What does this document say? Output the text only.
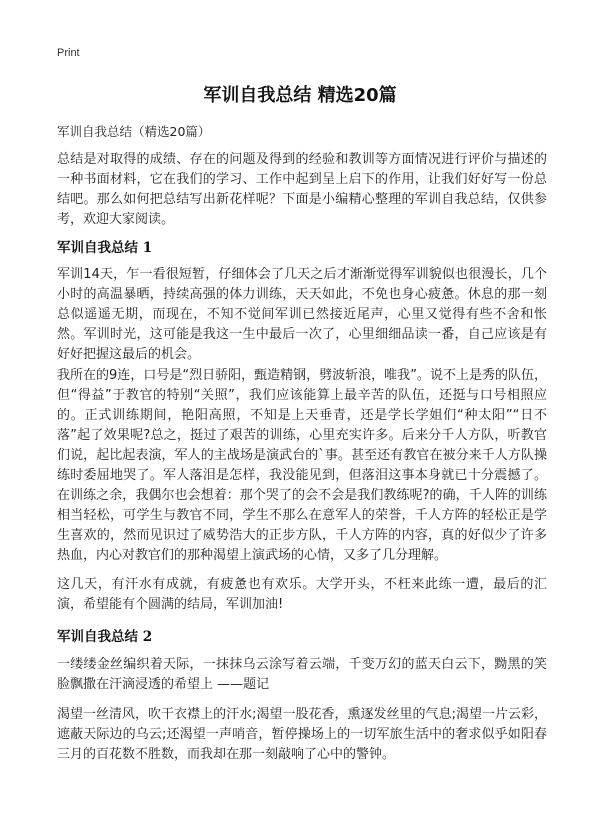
Print
军训自我总结 精选20篇

军训自我总结（精选20篇）

总结是对取得的成绩、存在的问题及得到的经验和教训等方面情况进行评价与描述的一种书面材料，它在我们的学习、工作中起到呈上启下的作用，让我们好好写一份总结吧。那么如何把总结写出新花样呢？下面是小编精心整理的军训自我总结，仅供参考，欢迎大家阅读。

军训自我总结 1

军训14天，乍一看很短暂，仔细体会了几天之后才渐渐觉得军训貌似也很漫长，几个小时的高温暴晒，持续高强的体力训练，天天如此，不免也身心疲惫。休息的那一刻总似遥遥无期，而现在，不知不觉间军训已然接近尾声，心里又觉得有些不舍和怅然。军训时光，这可能是我这一生中最后一次了，心里细细品读一番，自己应该是有好好把握这最后的机会。

我所在的9连，口号是“烈日骄阳，甄造精钢，劈波斩浪，唯我”。说不上是秀的队伍，但“得益”于教官的特别“关照”，我们应该能算上最辛苦的队伍，还挺与口号相照应的。正式训练期间，艳阳高照，不知是上天垂青，还是学长学姐们“种太阳”“日不落”起了效果呢?总之，挺过了艰苦的训练，心里充实许多。后来分千人方队，听教官们说，起比起表演，军人的主战场是演武台的`事。甚至还有教官在被分来千人方队操练时委屈地哭了。军人落泪是怎样，我没能见到，但落泪这事本身就已十分震撼了。在训练之余，我偶尔也会想着：那个哭了的会不会是我们教练呢?的确，千人阵的训练相当轻松，可学生与教官不同，学生不那么在意军人的荣誉，千人方阵的轻松正是学生喜欢的，然而见识过了威势浩大的正步方队，千人方阵的内容，真的好似少了许多热血，内心对教官们的那种渴望上演武场的心情，又多了几分理解。

这几天，有汗水有成就，有疲惫也有欢乐。大学开头，不枉来此练一遭，最后的汇演，希望能有个圆满的结局，军训加油!

军训自我总结 2

一缕缕金丝编织着天际，一抹抹乌云涂写着云端，千变万幻的蓝天白云下，黝黑的笑脸飘撒在汗滴浸透的希望上 ——题记

渴望一丝清风，吹干衣襟上的汗水;渴望一股花香，熏逐发丝里的气息;渴望一片云彩，遮蔽天际边的乌云;还渴望一声哨音，暂停操场上的一切军旅生活中的奢求似乎如阳春三月的百花数不胜数，而我却在那一刻敲响了心中的警钟。
